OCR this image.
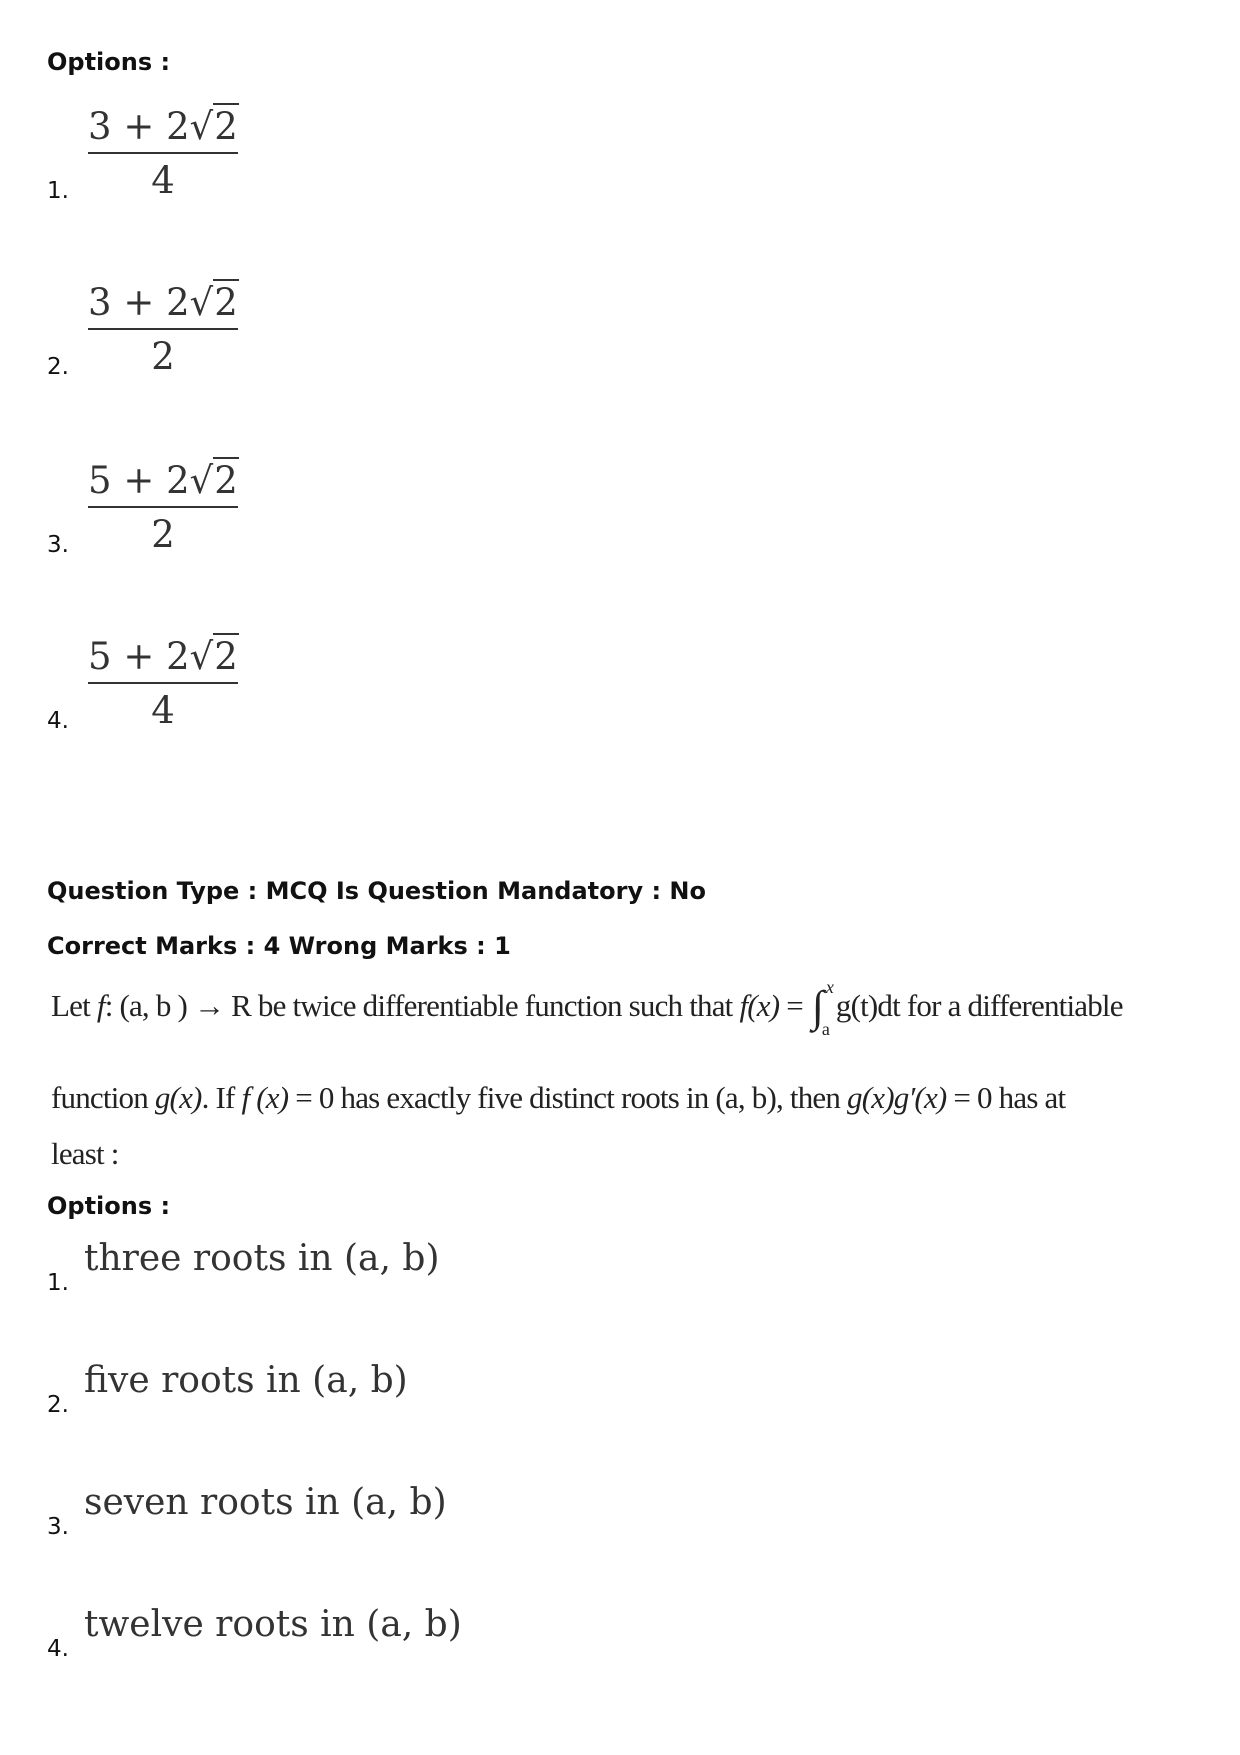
Options :
3 + 2√2
4
1.
3 + 2√2
2
2.
5 + 2√2
2
3.
5 + 2√2
4
4.
Question Type : MCQ Is Question Mandatory : No
Correct Marks : 4 Wrong Marks : 1
Let f: (a, b ) → R be twice differentiable function such that f(x) = ∫ x
a
g(t)dt for a differentiable
function g(x). If f (x) = 0 has exactly five distinct roots in (a, b), then g(x)g′(x) = 0 has at
least :
Options :
three roots in (a, b)
1.
five roots in (a, b)
2.
seven roots in (a, b)
3.
twelve roots in (a, b)
4.
